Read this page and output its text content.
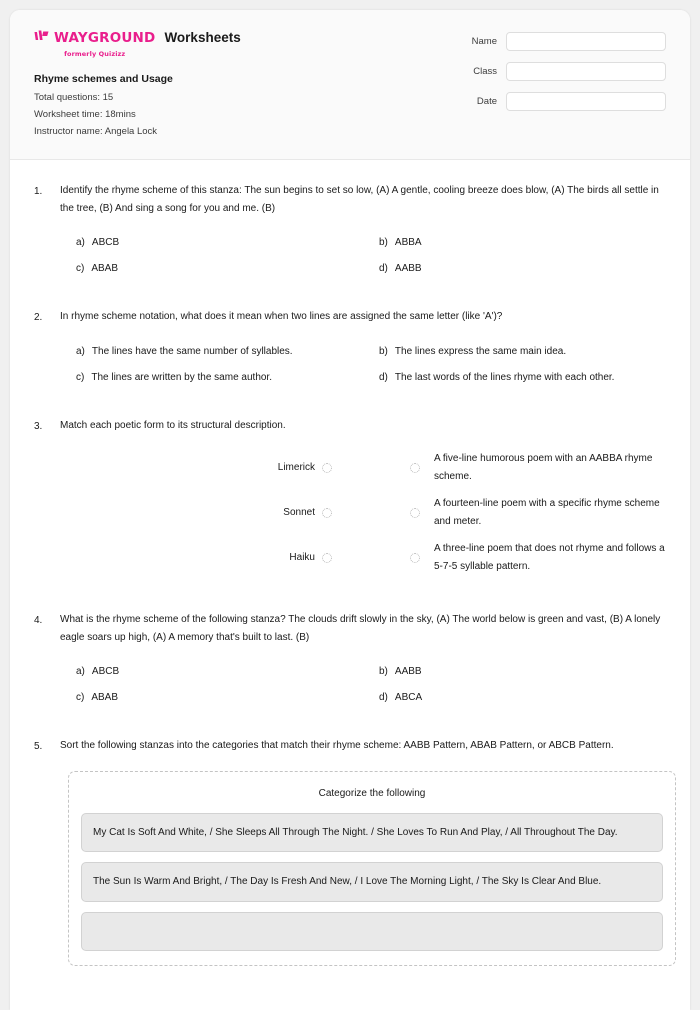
WAYGROUND
formerly Quizizz
Worksheets
Rhyme schemes and Usage
Total questions: 15
Worksheet time: 18mins
Instructor name: Angela Lock
Name
Class
Date
1.	Identify the rhyme scheme of this stanza: The sun begins to set so low, (A) A gentle, cooling breeze does blow, (A) The birds all settle in the tree, (B) And sing a song for you and me. (B)
a) ABCB	b) ABBA
c) ABAB	d) AABB
2.	In rhyme scheme notation, what does it mean when two lines are assigned the same letter (like 'A')?
a) The lines have the same number of syllables.	b) The lines express the same main idea.
c) The lines are written by the same author.	d) The last words of the lines rhyme with each other.
3.	Match each poetic form to its structural description.
Limerick
A five-line humorous poem with an AABBA rhyme scheme.
Sonnet
A fourteen-line poem with a specific rhyme scheme and meter.
Haiku
A three-line poem that does not rhyme and follows a 5-7-5 syllable pattern.
4.	What is the rhyme scheme of the following stanza? The clouds drift slowly in the sky, (A) The world below is green and vast, (B) A lonely eagle soars up high, (A) A memory that's built to last. (B)
a) ABCB	b) AABB
c) ABAB	d) ABCA
5.	Sort the following stanzas into the categories that match their rhyme scheme: AABB Pattern, ABAB Pattern, or ABCB Pattern.
Categorize the following
My Cat Is Soft And White, / She Sleeps All Through The Night. / She Loves To Run And Play, / All Throughout The Day.
The Sun Is Warm And Bright, / The Day Is Fresh And New, / I Love The Morning Light, / The Sky Is Clear And Blue.
